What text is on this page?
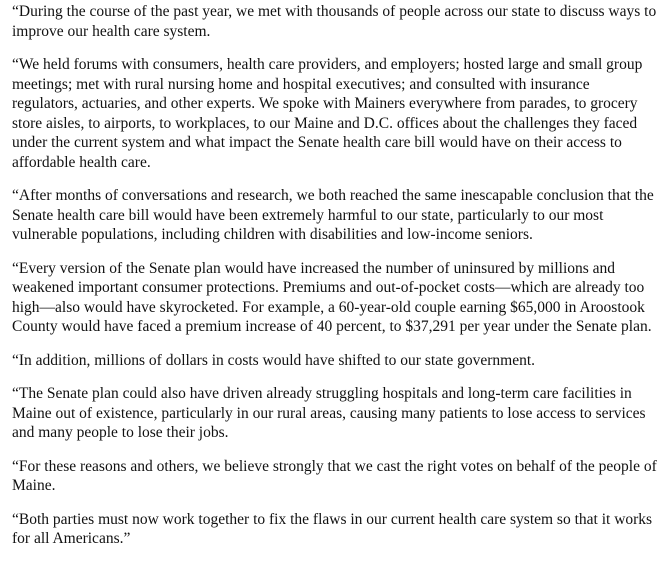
“During the course of the past year, we met with thousands of people across our state to discuss ways to
improve our health care system.

“We held forums with consumers, health care providers, and employers; hosted large and small group
meetings; met with rural nursing home and hospital executives; and consulted with insurance
regulators, actuaries, and other experts. We spoke with Mainers everywhere from parades, to grocery
store aisles, to airports, to workplaces, to our Maine and D.C. offices about the challenges they faced
under the current system and what impact the Senate health care bill would have on their access to
affordable health care.

“After months of conversations and research, we both reached the same inescapable conclusion that the
Senate health care bill would have been extremely harmful to our state, particularly to our most
vulnerable populations, including children with disabilities and low-income seniors.

“Every version of the Senate plan would have increased the number of uninsured by millions and
weakened important consumer protections. Premiums and out-of-pocket costs—which are already too
high—also would have skyrocketed. For example, a 60-year-old couple earning $65,000 in Aroostook
County would have faced a premium increase of 40 percent, to $37,291 per year under the Senate plan.

“In addition, millions of dollars in costs would have shifted to our state government.

“The Senate plan could also have driven already struggling hospitals and long-term care facilities in
Maine out of existence, particularly in our rural areas, causing many patients to lose access to services
and many people to lose their jobs.

“For these reasons and others, we believe strongly that we cast the right votes on behalf of the people of
Maine.

“Both parties must now work together to fix the flaws in our current health care system so that it works
for all Americans.”
